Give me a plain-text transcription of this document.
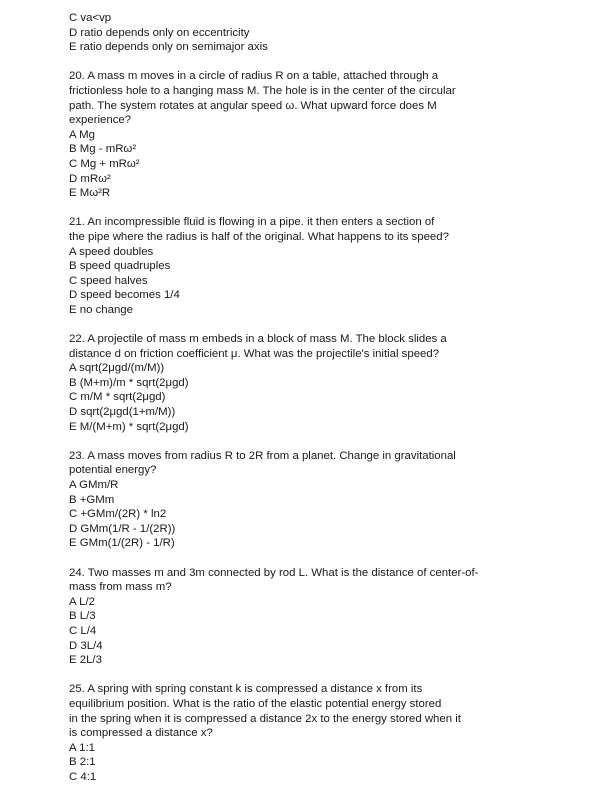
C va<vp
D ratio depends only on eccentricity
E ratio depends only on semimajor axis
20. A mass m moves in a circle of radius R on a table, attached through a
frictionless hole to a hanging mass M. The hole is in the center of the circular
path. The system rotates at angular speed ω. What upward force does M
experience?
A Mg
B Mg - mRω²
C Mg + mRω²
D mRω²
E Mω²R
21. An incompressible fluid is flowing in a pipe. it then enters a section of
the pipe where the radius is half of the original. What happens to its speed?
A speed doubles
B speed quadruples
C speed halves
D speed becomes 1/4
E no change
22. A projectile of mass m embeds in a block of mass M. The block slides a
distance d on friction coefficient μ. What was the projectile's initial speed?
A sqrt(2μgd/(m/M))
B (M+m)/m * sqrt(2μgd)
C m/M * sqrt(2μgd)
D sqrt(2μgd(1+m/M))
E M/(M+m) * sqrt(2μgd)
23. A mass moves from radius R to 2R from a planet. Change in gravitational
potential energy?
A GMm/R
B +GMm
C +GMm/(2R) * ln2
D GMm(1/R - 1/(2R))
E GMm(1/(2R) - 1/R)
24. Two masses m and 3m connected by rod L. What is the distance of center-of-
mass from mass m?
A L/2
B L/3
C L/4
D 3L/4
E 2L/3
25. A spring with spring constant k is compressed a distance x from its
equilibrium position. What is the ratio of the elastic potential energy stored
in the spring when it is compressed a distance 2x to the energy stored when it
is compressed a distance x?
A 1:1
B 2:1
C 4:1
